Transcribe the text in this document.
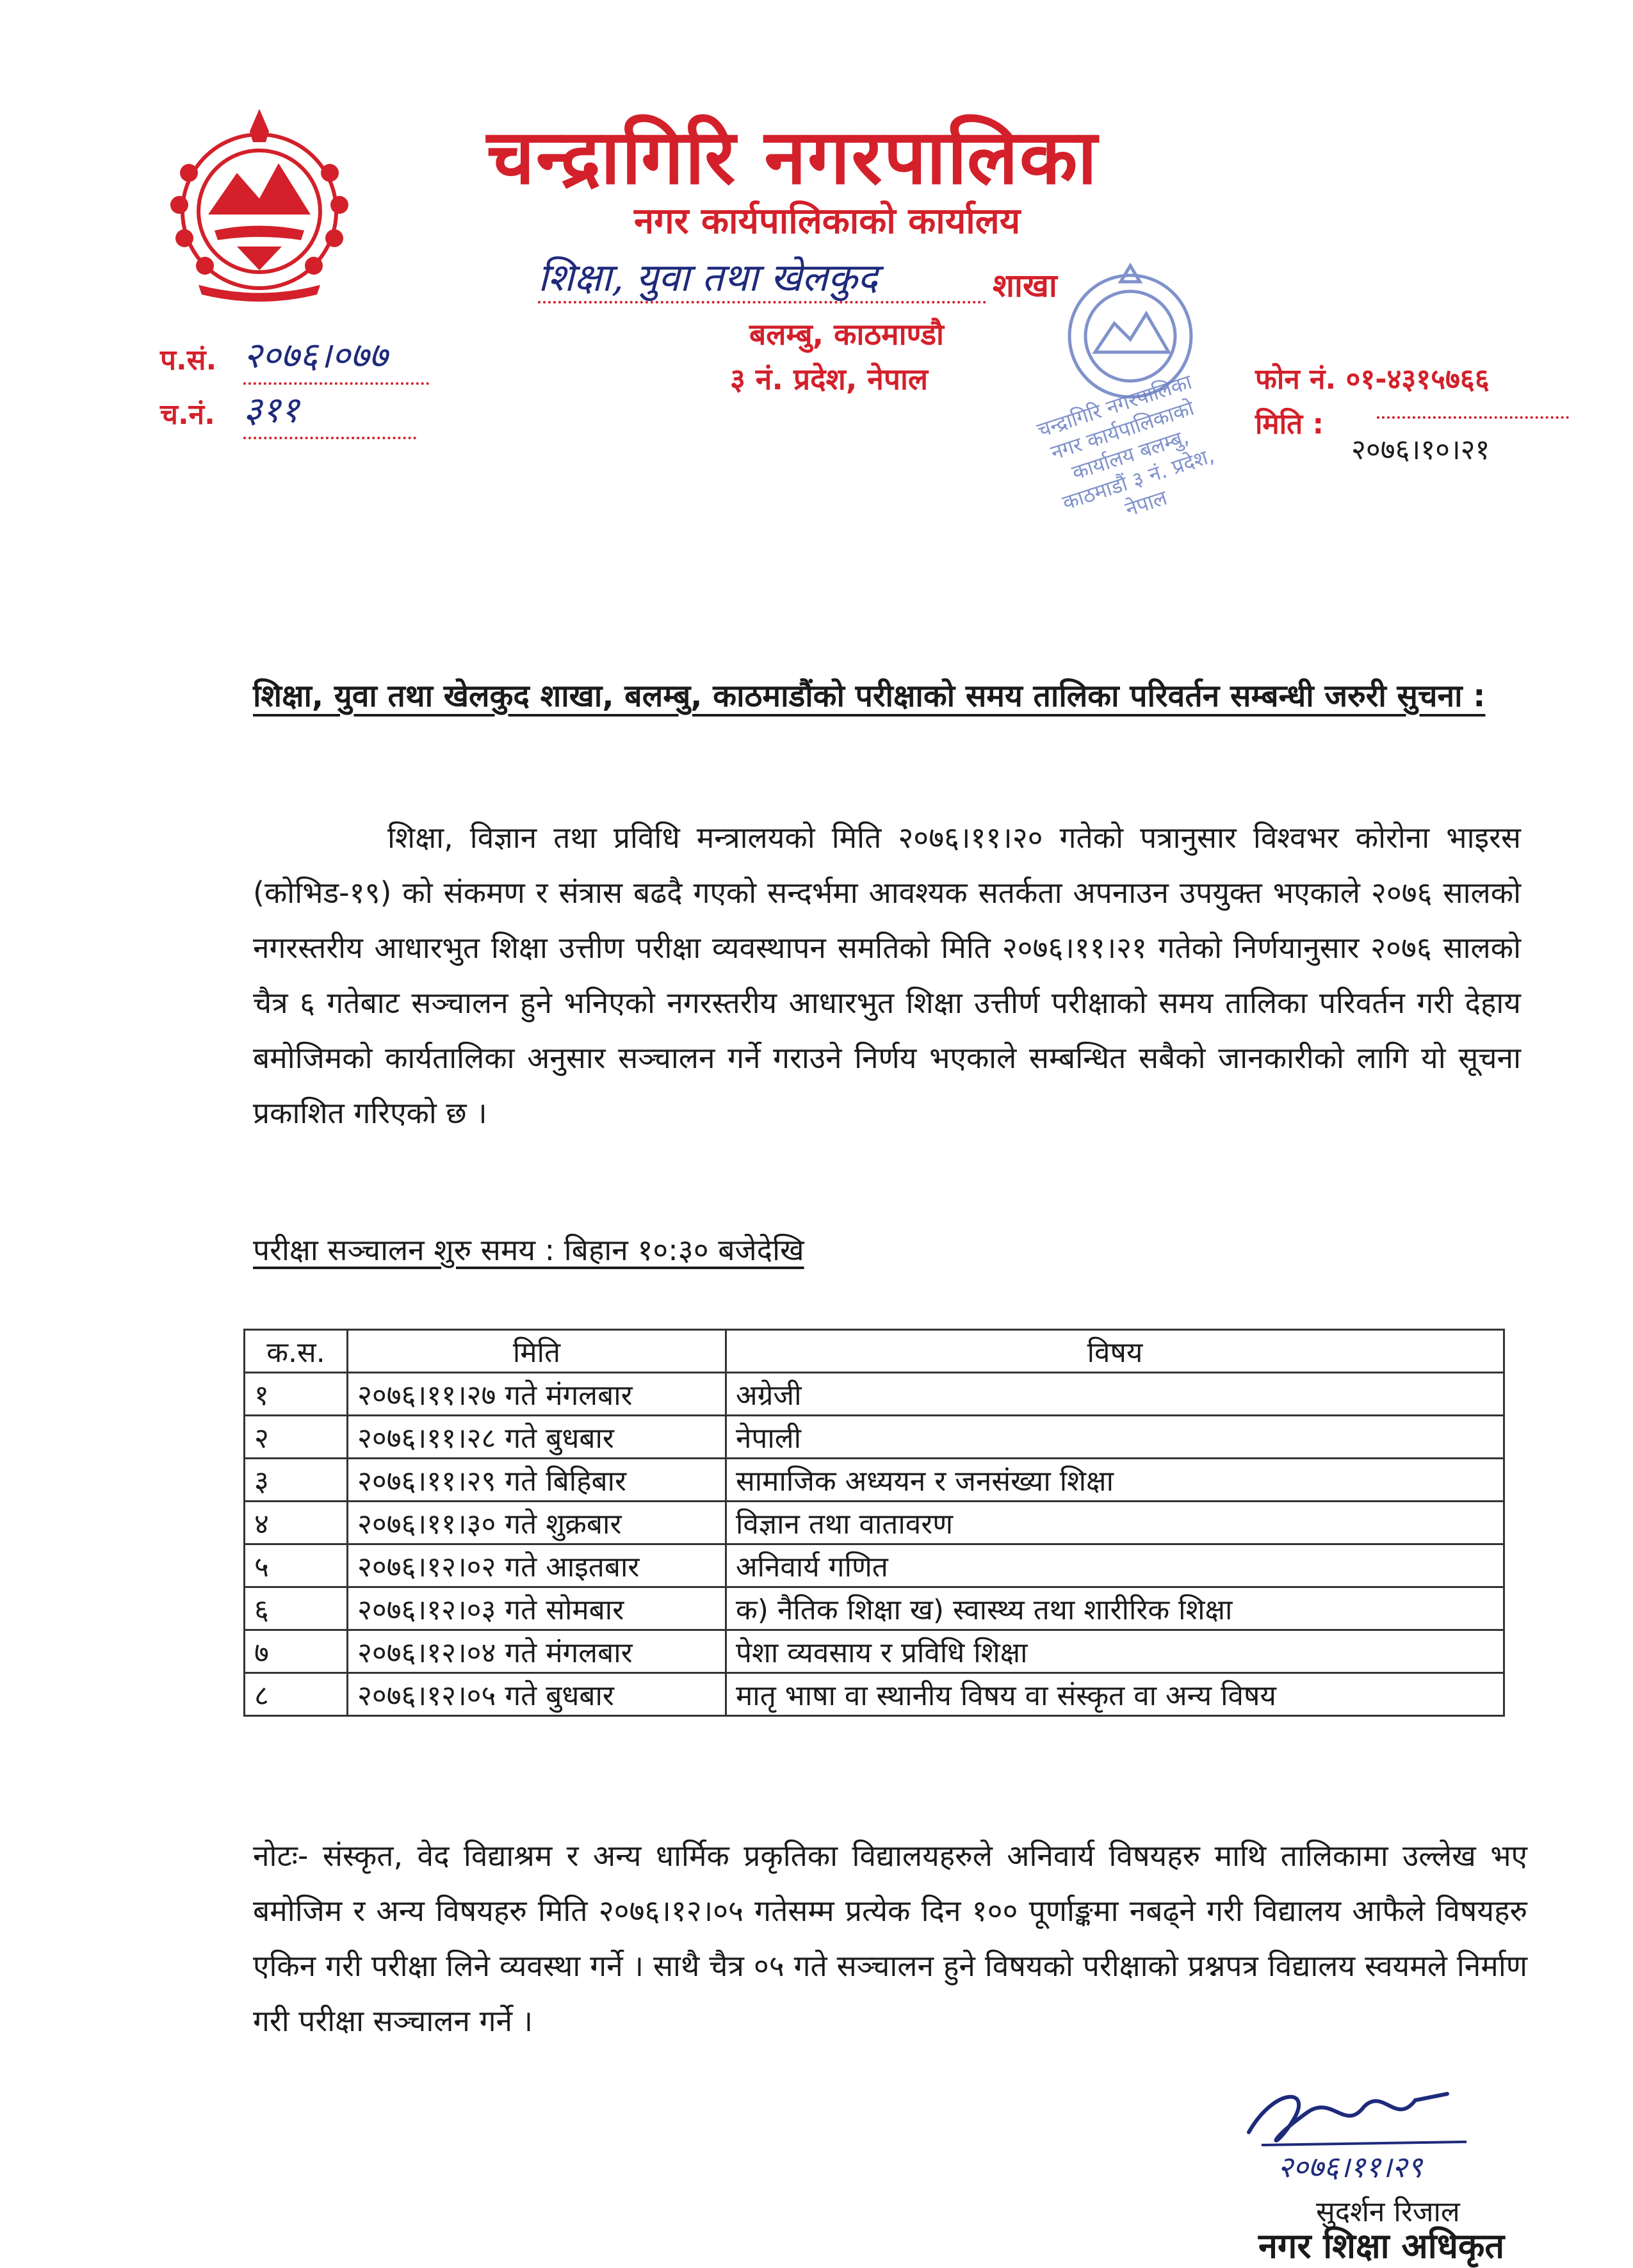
चन्द्रागिरि नगरपालिका
नगर कार्यपालिकाको कार्यालय
शिक्षा, युवा तथा खेलकुद	शाखा
बलम्बु, काठमाण्डौ
३ नं. प्रदेश, नेपाल
प.सं. २०७६।०७७
च.नं. ३११	चन्द्रागिरि नगरपालिका नगर कार्यपालिकाको कार्यालय बलम्बु, काठमाडौं ३ नं. प्रदेश, नेपाल
फोन नं. ०१-४३१५७६६
मिति :
२०७६।१०।२१
शिक्षा, युवा तथा खेलकुद शाखा, बलम्बु, काठमाडौंको परीक्षाको समय तालिका परिवर्तन सम्बन्धी जरुरी सुचना :
शिक्षा, विज्ञान तथा प्रविधि मन्त्रालयको मिति २०७६।११।२० गतेको पत्रानुसार विश्वभर कोरोना भाइरस (कोभिड-१९) को संकमण र संत्रास बढदै गएको सन्दर्भमा आवश्यक सतर्कता अपनाउन उपयुक्त भएकाले २०७६ सालको नगरस्तरीय आधारभुत शिक्षा उत्तीण परीक्षा व्यवस्थापन समतिको मिति २०७६।११।२१ गतेको निर्णयानुसार २०७६ सालको चैत्र ६ गतेबाट सञ्चालन हुने भनिएको नगरस्तरीय आधारभुत शिक्षा उत्तीर्ण परीक्षाको समय तालिका परिवर्तन गरी देहाय बमोजिमको कार्यतालिका अनुसार सञ्चालन गर्ने गराउने निर्णय भएकाले सम्बन्धित सबैको जानकारीको लागि यो सूचना प्रकाशित गरिएको छ ।
परीक्षा सञ्चालन शुरु समय : बिहान १०:३० बजेदेखि
क.स.	मिति	विषय
१	२०७६।११।२७ गते मंगलबार	अग्रेजी
२	२०७६।११।२८ गते बुधबार	नेपाली
३	२०७६।११।२९ गते बिहिबार	सामाजिक अध्ययन र जनसंख्या शिक्षा
४	२०७६।११।३० गते शुक्रबार	विज्ञान तथा वातावरण
५	२०७६।१२।०२ गते आइतबार	अनिवार्य गणित
६	२०७६।१२।०३ गते सोमबार	क) नैतिक शिक्षा ख) स्वास्थ्य तथा शारीरिक शिक्षा
७	२०७६।१२।०४ गते मंगलबार	पेशा व्यवसाय र प्रविधि शिक्षा
८	२०७६।१२।०५ गते बुधबार	मातृ भाषा वा स्थानीय विषय वा संस्कृत वा अन्य विषय
नोटः- संस्कृत, वेद विद्याश्रम र अन्य धार्मिक प्रकृतिका विद्यालयहरुले अनिवार्य विषयहरु माथि तालिकामा उल्लेख भए बमोजिम र अन्य विषयहरु मिति २०७६।१२।०५ गतेसम्म प्रत्येक दिन १०० पूर्णाङ्कमा नबढ्ने गरी विद्यालय आफैले विषयहरु एकिन गरी परीक्षा लिने व्यवस्था गर्ने । साथै चैत्र ०५ गते सञ्चालन हुने विषयको परीक्षाको प्रश्नपत्र विद्यालय स्वयमले निर्माण गरी परीक्षा सञ्चालन गर्ने ।
२०७६।११।२९
सुदर्शन रिजाल
नगर शिक्षा अधिकृत
